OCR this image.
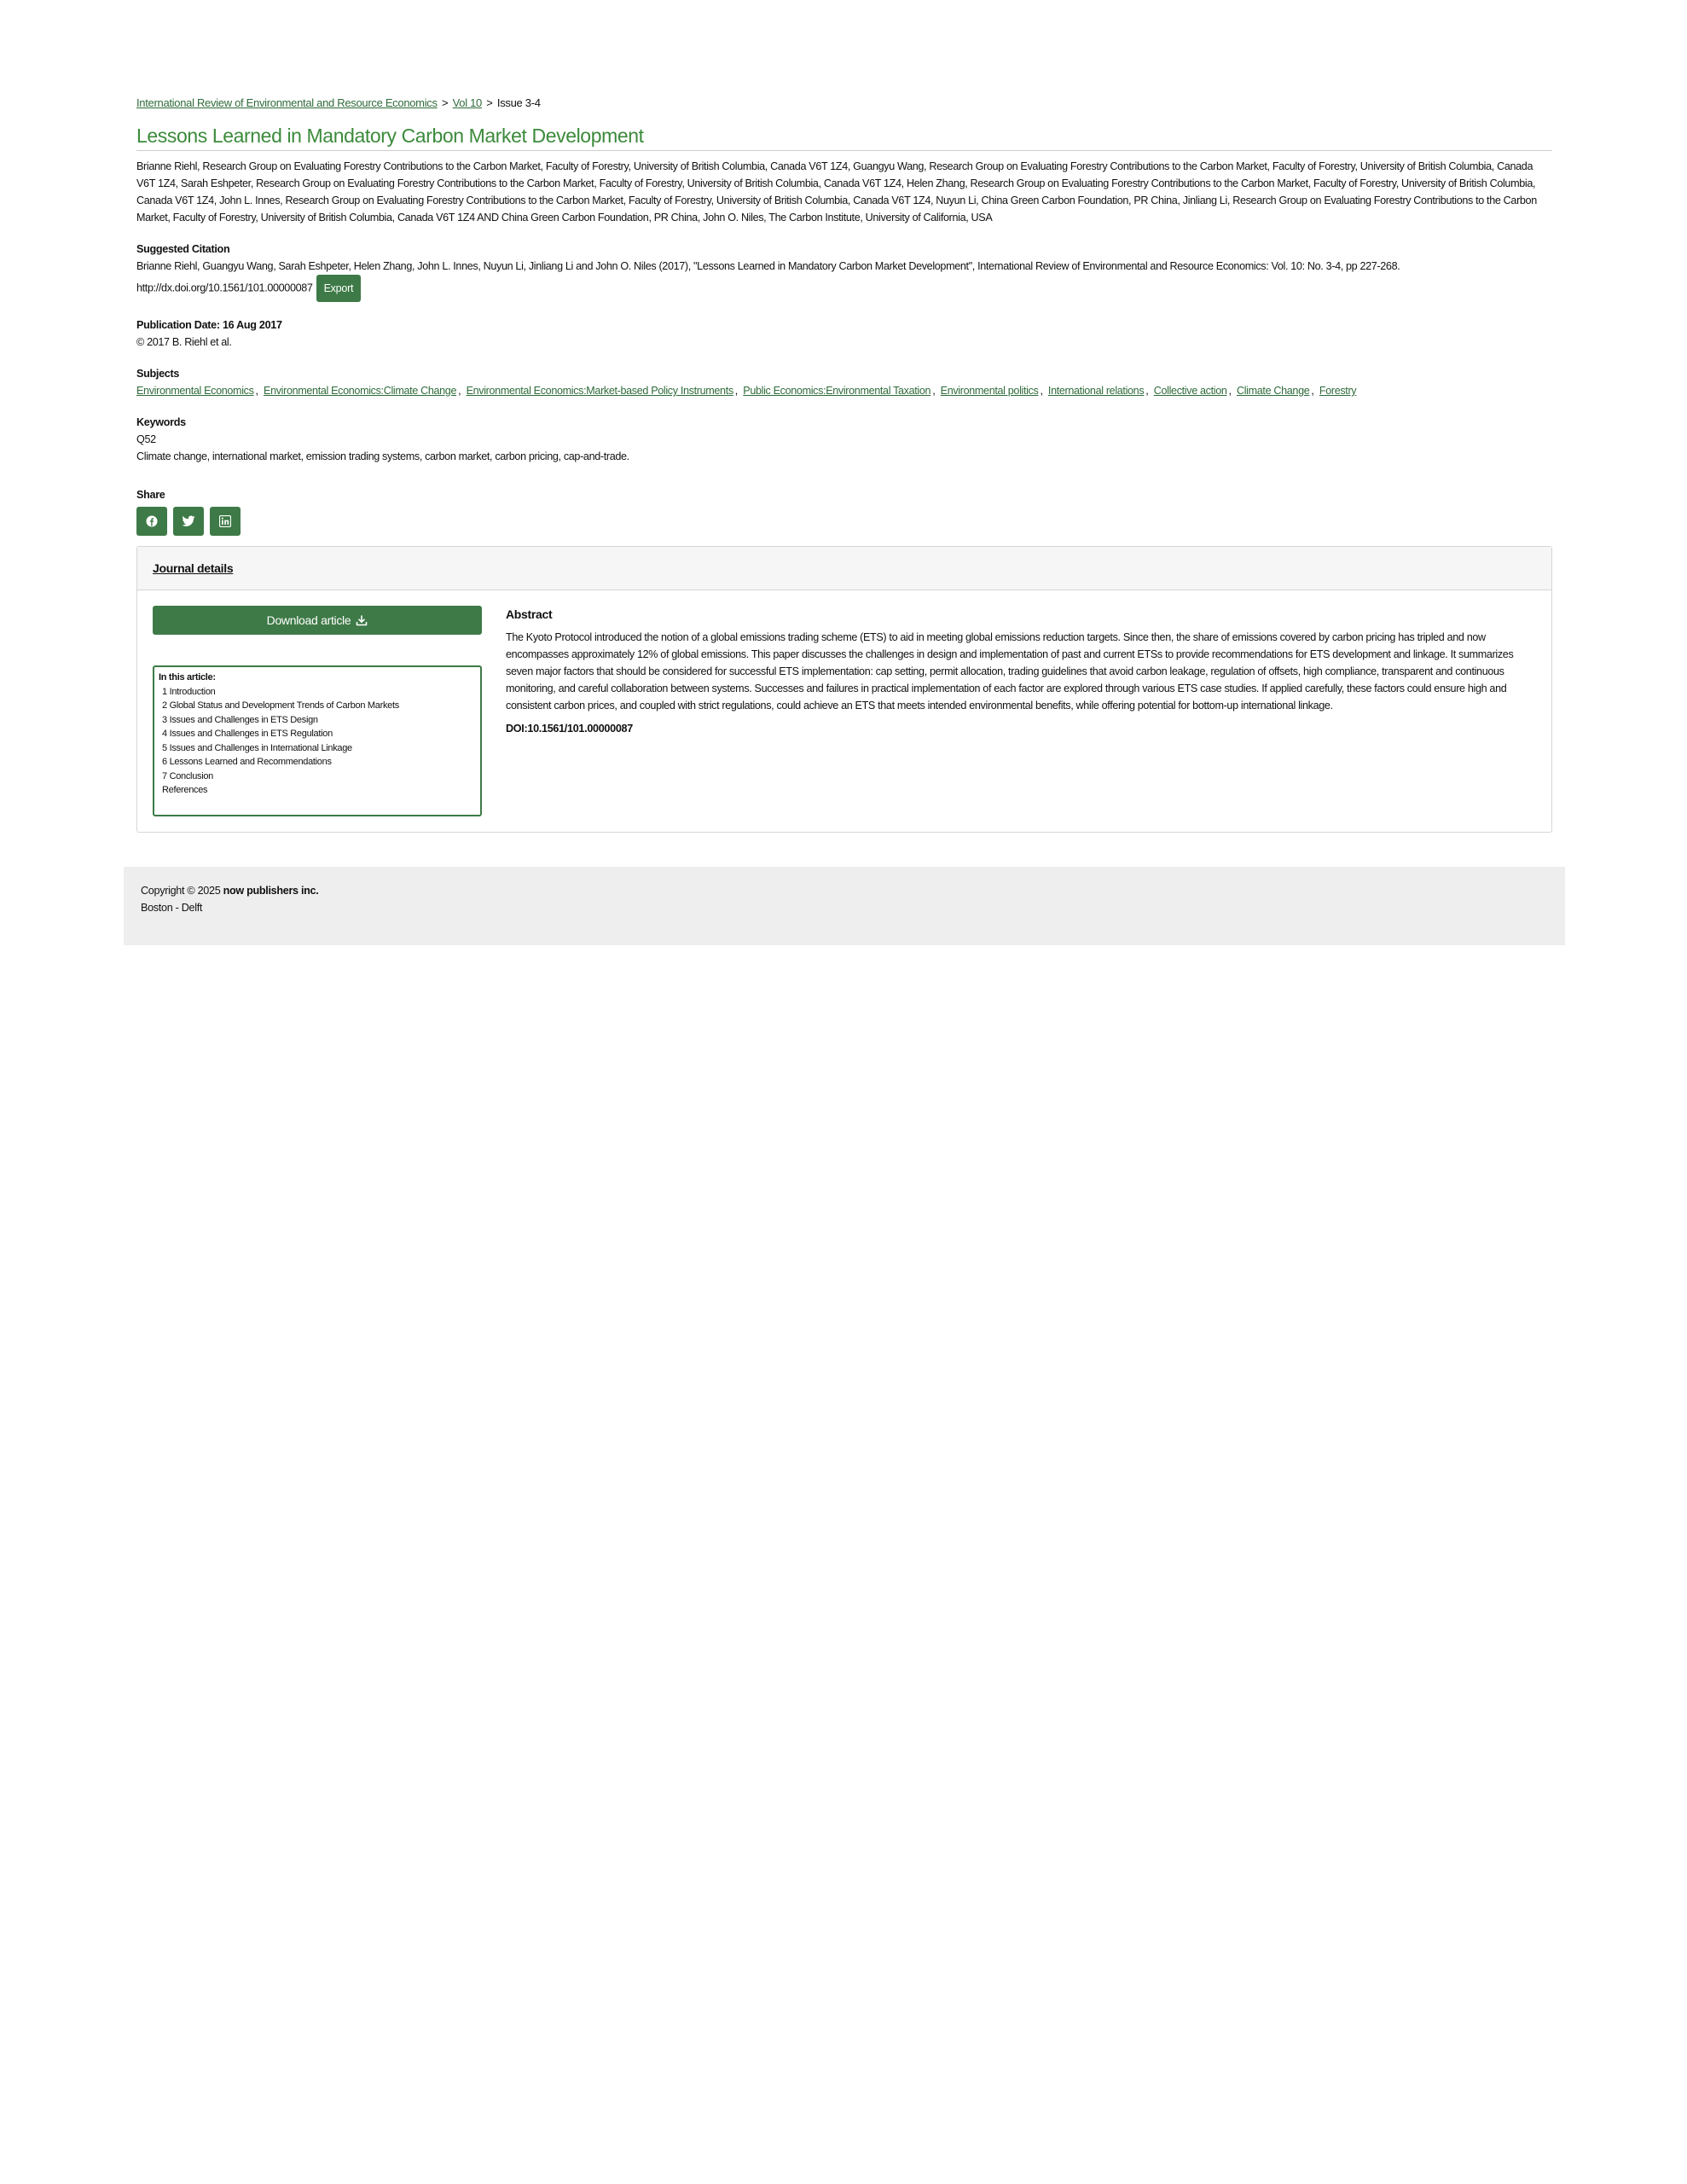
International Review of Environmental and Resource Economics > Vol 10 > Issue 3-4
Lessons Learned in Mandatory Carbon Market Development
Brianne Riehl, Research Group on Evaluating Forestry Contributions to the Carbon Market, Faculty of Forestry, University of British Columbia, Canada V6T 1Z4, Guangyu Wang, Research Group on Evaluating Forestry Contributions to the Carbon Market, Faculty of Forestry, University of British Columbia, Canada V6T 1Z4, Sarah Eshpeter, Research Group on Evaluating Forestry Contributions to the Carbon Market, Faculty of Forestry, University of British Columbia, Canada V6T 1Z4, Helen Zhang, Research Group on Evaluating Forestry Contributions to the Carbon Market, Faculty of Forestry, University of British Columbia, Canada V6T 1Z4, John L. Innes, Research Group on Evaluating Forestry Contributions to the Carbon Market, Faculty of Forestry, University of British Columbia, Canada V6T 1Z4, Nuyun Li, China Green Carbon Foundation, PR China, Jinliang Li, Research Group on Evaluating Forestry Contributions to the Carbon Market, Faculty of Forestry, University of British Columbia, Canada V6T 1Z4 AND China Green Carbon Foundation, PR China, John O. Niles, The Carbon Institute, University of California, USA
Suggested Citation
Brianne Riehl, Guangyu Wang, Sarah Eshpeter, Helen Zhang, John L. Innes, Nuyun Li, Jinliang Li and John O. Niles (2017), "Lessons Learned in Mandatory Carbon Market Development", International Review of Environmental and Resource Economics: Vol. 10: No. 3-4, pp 227-268.
http://dx.doi.org/10.1561/101.00000087 Export
Publication Date: 16 Aug 2017
© 2017 B. Riehl et al.
Subjects
Environmental Economics , Environmental Economics:Climate Change , Environmental Economics:Market-based Policy Instruments , Public Economics:Environmental Taxation , Environmental politics , International relations , Collective action , Climate Change , Forestry
Keywords
Q52
Climate change, international market, emission trading systems, carbon market, carbon pricing, cap-and-trade.
Share
Journal details
Download article
In this article:
1 Introduction
2 Global Status and Development Trends of Carbon Markets
3 Issues and Challenges in ETS Design
4 Issues and Challenges in ETS Regulation
5 Issues and Challenges in International Linkage
6 Lessons Learned and Recommendations
7 Conclusion
References
Abstract
The Kyoto Protocol introduced the notion of a global emissions trading scheme (ETS) to aid in meeting global emissions reduction targets. Since then, the share of emissions covered by carbon pricing has tripled and now encompasses approximately 12% of global emissions. This paper discusses the challenges in design and implementation of past and current ETSs to provide recommendations for ETS development and linkage. It summarizes seven major factors that should be considered for successful ETS implementation: cap setting, permit allocation, trading guidelines that avoid carbon leakage, regulation of offsets, high compliance, transparent and continuous monitoring, and careful collaboration between systems. Successes and failures in practical implementation of each factor are explored through various ETS case studies. If applied carefully, these factors could ensure high and consistent carbon prices, and coupled with strict regulations, could achieve an ETS that meets intended environmental benefits, while offering potential for bottom-up international linkage.
DOI:10.1561/101.00000087
Copyright © 2025 now publishers inc.
Boston - Delft
